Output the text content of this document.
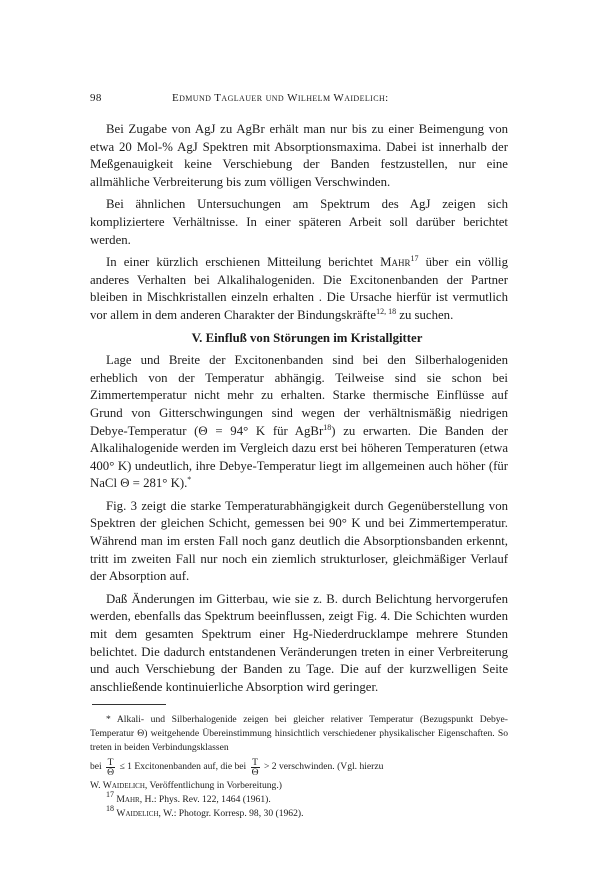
98	Edmund Taglauer und Wilhelm Waidelich:

Bei Zugabe von AgJ zu AgBr erhält man nur bis zu einer Beimengung von etwa 20 Mol-% AgJ Spektren mit Absorptionsmaxima. Dabei ist innerhalb der Meßgenauigkeit keine Verschiebung der Banden festzustellen, nur eine allmähliche Verbreiterung bis zum völligen Verschwinden.

Bei ähnlichen Untersuchungen am Spektrum des AgJ zeigen sich kompliziertere Verhältnisse. In einer späteren Arbeit soll darüber berichtet werden.

In einer kürzlich erschienen Mitteilung berichtet Mahr$^{17}$ über ein völlig anderes Verhalten bei Alkalihalogeniden. Die Excitonenbanden der Partner bleiben in Mischkristallen einzeln erhalten . Die Ursache hierfür ist vermutlich vor allem in dem anderen Charakter der Bindungskräfte$^{12, 18}$ zu suchen.

V. Einfluß von Störungen im Kristallgitter

Lage und Breite der Excitonenbanden sind bei den Silberhalogeniden erheblich von der Temperatur abhängig. Teilweise sind sie schon bei Zimmertemperatur nicht mehr zu erhalten. Starke thermische Einflüsse auf Grund von Gitterschwingungen sind wegen der verhältnismäßig niedrigen Debye-Temperatur (Θ = 94° K für AgBr$^{18}$) zu erwarten. Die Banden der Alkalihalogenide werden im Vergleich dazu erst bei höheren Temperaturen (etwa 400° K) undeutlich, ihre Debye-Temperatur liegt im allgemeinen auch höher (für NaCl Θ = 281° K).*

Fig. 3 zeigt die starke Temperaturabhängigkeit durch Gegenüberstellung von Spektren der gleichen Schicht, gemessen bei 90° K und bei Zimmertemperatur. Während man im ersten Fall noch ganz deutlich die Absorptionsbanden erkennt, tritt im zweiten Fall nur noch ein ziemlich strukturloser, gleichmäßiger Verlauf der Absorption auf.

Daß Änderungen im Gitterbau, wie sie z. B. durch Belichtung hervorgerufen werden, ebenfalls das Spektrum beeinflussen, zeigt Fig. 4. Die Schichten wurden mit dem gesamten Spektrum einer Hg-Niederdrucklampe mehrere Stunden belichtet. Die dadurch entstandenen Veränderungen treten in einer Verbreiterung und auch Verschiebung der Banden zu Tage. Die auf der kurzwelligen Seite anschließende kontinuierliche Absorption wird geringer.

* Alkali- und Silberhalogenide zeigen bei gleicher relativer Temperatur (Bezugspunkt Debye-Temperatur Θ) weitgehende Übereinstimmung hinsichtlich verschiedener physikalischer Eigenschaften. So treten in beiden Verbindungsklassen

bei $\frac{T}{\Theta} \le 1$ Excitonenbanden auf, die bei $\frac{T}{\Theta} > 2$ verschwinden. (Vgl. hierzu
W. Waidelich, Veröffentlichung in Vorbereitung.)

$^{17}$ Mahr, H.: Phys. Rev. 122, 1464 (1961).

$^{18}$ Waidelich, W.: Photogr. Korresp. 98, 30 (1962).
